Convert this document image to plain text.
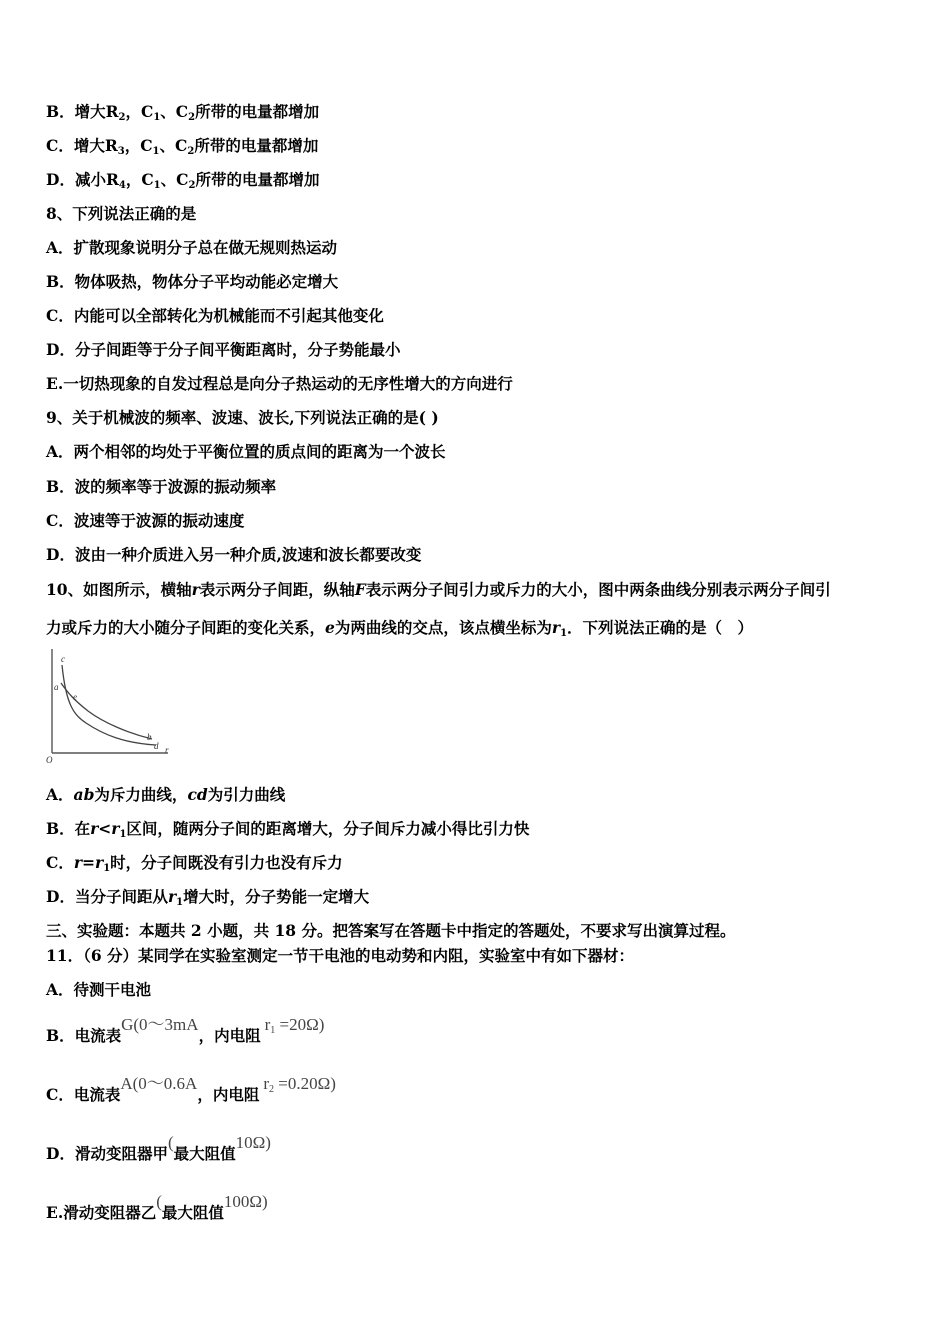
B．增大$R_2$，$C_1$、$C_2$所带的电量都增加
C．增大$R_3$，$C_1$、$C_2$所带的电量都增加
D．减小$R_4$，$C_1$、$C_2$所带的电量都增加
8、下列说法正确的是
A．扩散现象说明分子总在做无规则热运动
B．物体吸热，物体分子平均动能必定增大
C．内能可以全部转化为机械能而不引起其他变化
D．分子间距等于分子间平衡距离时，分子势能最小
E.一切热现象的自发过程总是向分子热运动的无序性增大的方向进行
9、关于机械波的频率、波速、波长,下列说法正确的是( )
A．两个相邻的均处于平衡位置的质点间的距离为一个波长
B．波的频率等于波源的振动频率
C．波速等于波源的振动速度
D．波由一种介质进入另一种介质,波速和波长都要改变
10、如图所示，横轴r表示两分子间距，纵轴F表示两分子间引力或斥力的大小，图中两条曲线分别表示两分子间引
力或斥力的大小随分子间距的变化关系，e为两曲线的交点，该点横坐标为$r_1$．下列说法正确的是（　）
c
a
e
b
d
O
r
A．ab为斥力曲线，cd为引力曲线
B．在$r<r_1$区间，随两分子间的距离增大，分子间斥力减小得比引力快
C．$r=r_1$时，分子间既没有引力也没有斥力
D．当分子间距从$r_1$增大时，分子势能一定增大
三、实验题：本题共 2 小题，共 18 分。把答案写在答题卡中指定的答题处，不要求写出演算过程。
11．（6 分）某同学在实验室测定一节干电池的电动势和内阻，实验室中有如下器材：
A．待测干电池
B．电流表G(0～3mA，内电阻$r_1 =20\Omega$)
C．电流表A(0～0.6A，内电阻$r_2 =0.20\Omega$)
D．滑动变阻器甲(最大阻值10Ω)
E.滑动变阻器乙(最大阻值100Ω)
